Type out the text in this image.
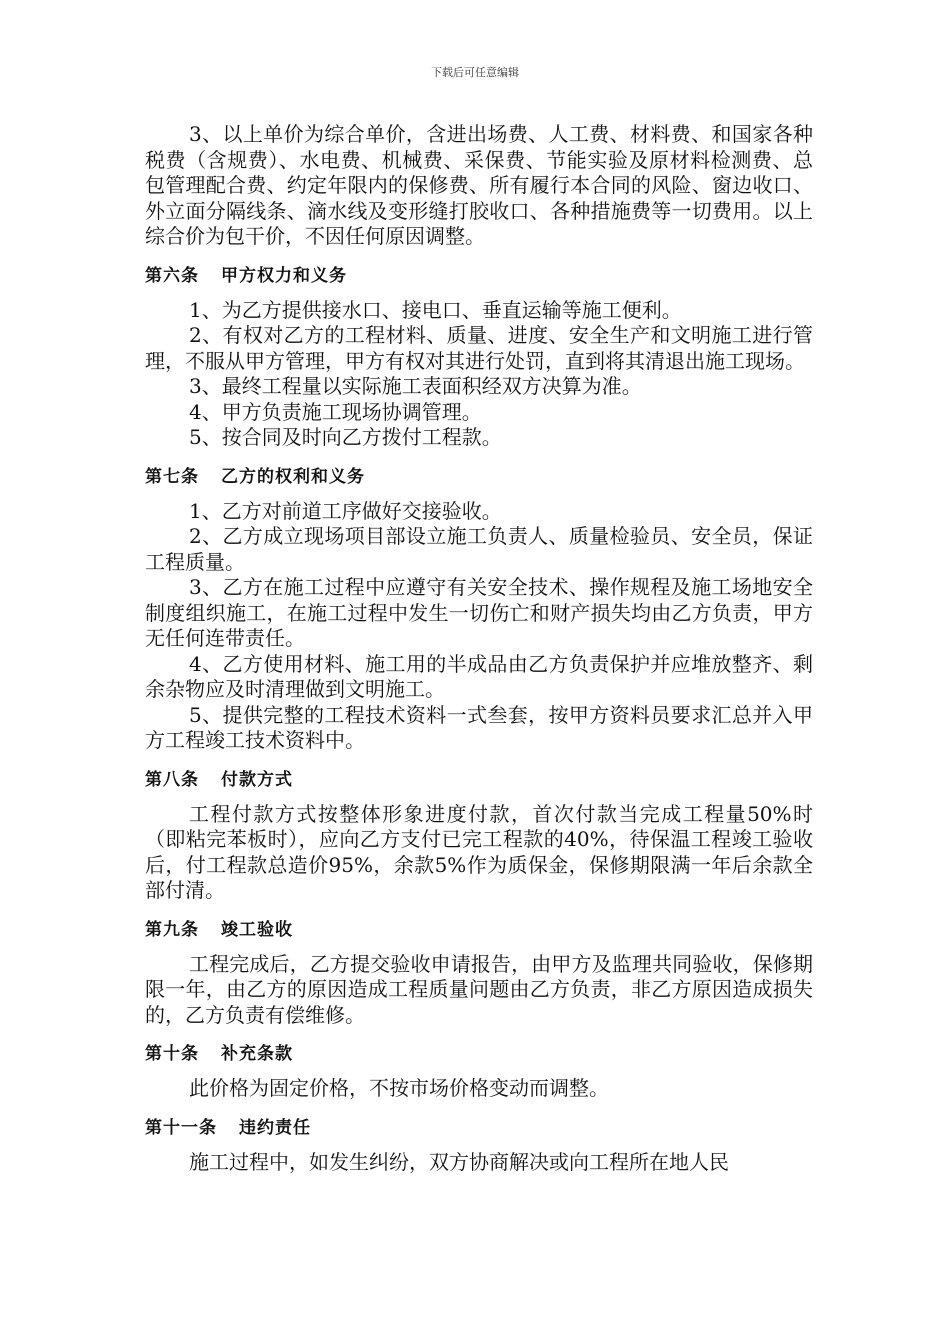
下载后可任意编辑

3、以上单价为综合单价，含进出场费、人工费、材料费、和国家各种税费（含规费）、水电费、机械费、采保费、节能实验及原材料检测费、总包管理配合费、约定年限内的保修费、所有履行本合同的风险、窗边收口、外立面分隔线条、滴水线及变形缝打胶收口、各种措施费等一切费用。以上综合价为包干价，不因任何原因调整。

第六条 甲方权力和义务

1、为乙方提供接水口、接电口、垂直运输等施工便利。

2、有权对乙方的工程材料、质量、进度、安全生产和文明施工进行管理，不服从甲方管理，甲方有权对其进行处罚，直到将其清退出施工现场。

3、最终工程量以实际施工表面积经双方决算为准。

4、甲方负责施工现场协调管理。

5、按合同及时向乙方拨付工程款。

第七条 乙方的权利和义务

1、乙方对前道工序做好交接验收。

2、乙方成立现场项目部设立施工负责人、质量检验员、安全员，保证工程质量。

3、乙方在施工过程中应遵守有关安全技术、操作规程及施工场地安全制度组织施工，在施工过程中发生一切伤亡和财产损失均由乙方负责，甲方无任何连带责任。

4、乙方使用材料、施工用的半成品由乙方负责保护并应堆放整齐、剩余杂物应及时清理做到文明施工。

5、提供完整的工程技术资料一式叁套，按甲方资料员要求汇总并入甲方工程竣工技术资料中。

第八条 付款方式

工程付款方式按整体形象进度付款，首次付款当完成工程量50%时（即粘完苯板时），应向乙方支付已完工程款的40%，待保温工程竣工验收后，付工程款总造价95%，余款5%作为质保金，保修期限满一年后余款全部付清。

第九条 竣工验收

工程完成后，乙方提交验收申请报告，由甲方及监理共同验收，保修期限一年，由乙方的原因造成工程质量问题由乙方负责，非乙方原因造成损失的，乙方负责有偿维修。

第十条 补充条款

此价格为固定价格，不按市场价格变动而调整。

第十一条 违约责任

施工过程中，如发生纠纷，双方协商解决或向工程所在地人民
